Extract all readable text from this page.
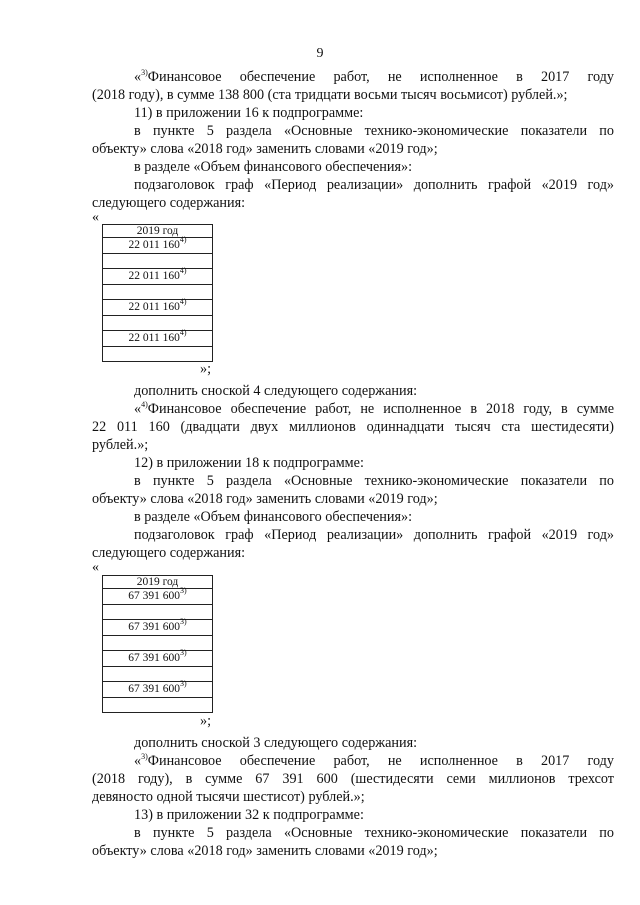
9

«$^{3)}$Финансовое обеспечение работ, не исполненное в 2017 году

(2018 году), в сумме 138 800 (ста тридцати восьми тысяч восьмисот) рублей.»;
11) в приложении 16 к подпрограмме:

в пункте 5 раздела «Основные технико-экономические показатели по

объекту» слова «2018 год» заменить словами «2019 год»;
в разделе «Объем финансового обеспечения»:

подзаголовок граф «Период реализации» дополнить графой «2019 год»

следующего содержания:
«
2019 год
22 011 160$^{4)}$

22 011 160$^{4)}$

22 011 160$^{4)}$

22 011 160$^{4)}$

»;
дополнить сноской 4 следующего содержания:

«$^{4)}$Финансовое обеспечение работ, не исполненное в 2018 году, в сумме

22 011 160 (двадцати двух миллионов одиннадцати тысяч ста шестидесяти)

рублей.»;
12) в приложении 18 к подпрограмме:

в пункте 5 раздела «Основные технико-экономические показатели по

объекту» слова «2018 год» заменить словами «2019 год»;
в разделе «Объем финансового обеспечения»:

подзаголовок граф «Период реализации» дополнить графой «2019 год»

следующего содержания:
«
2019 год
67 391 600$^{3)}$

67 391 600$^{3)}$

67 391 600$^{3)}$

67 391 600$^{3)}$

»;
дополнить сноской 3 следующего содержания:

«$^{3)}$Финансовое обеспечение работ, не исполненное в 2017 году

(2018 году), в сумме 67 391 600 (шестидесяти семи миллионов трехсот

девяносто одной тысячи шестисот) рублей.»;
13) в приложении 32 к подпрограмме:

в пункте 5 раздела «Основные технико-экономические показатели по

объекту» слова «2018 год» заменить словами «2019 год»;
